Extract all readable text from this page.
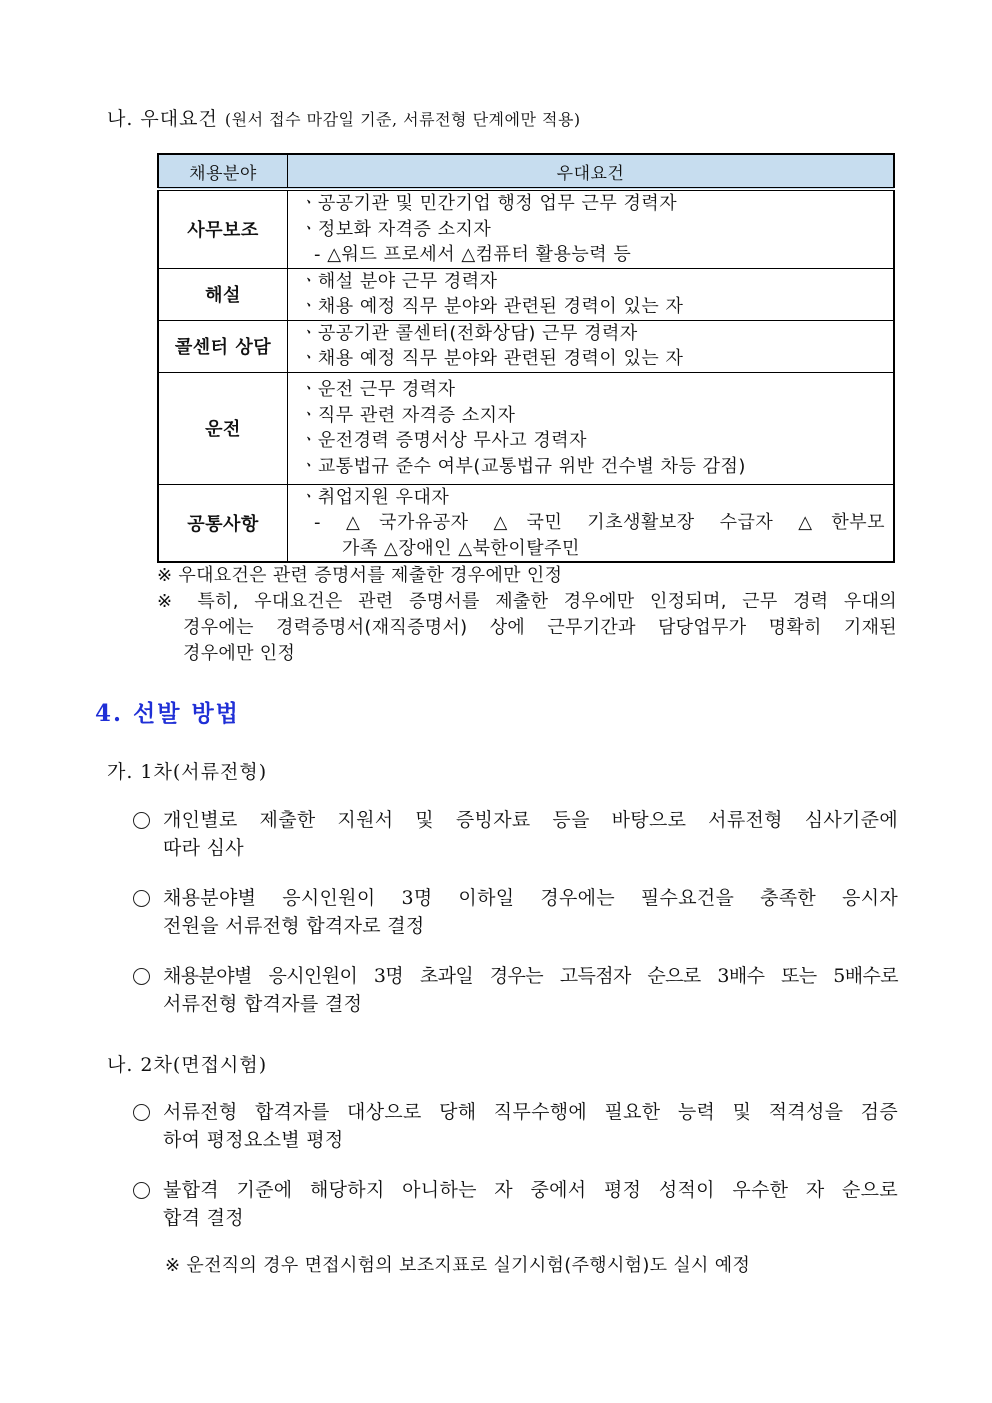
나. 우대요건 (원서 접수 마감일 기준, 서류전형 단계에만 적용)
채용분야	우대요건
사무보조	ㆍ공공기관 및 민간기업 행정 업무 근무 경력자
ㆍ정보화 자격증 소지자
- △워드 프로세서 △컴퓨터 활용능력 등

해설	ㆍ해설 분야 근무 경력자
ㆍ채용 예정 직무 분야와 관련된 경력이 있는 자

콜센터 상담	ㆍ공공기관 콜센터(전화상담) 근무 경력자
ㆍ채용 예정 직무 분야와 관련된 경력이 있는 자

운전	ㆍ운전 근무 경력자
ㆍ직무 관련 자격증 소지자
ㆍ운전경력 증명서상 무사고 경력자
ㆍ교통법규 준수 여부(교통법규 위반 건수별 차등 감점)

공통사항	ㆍ취업지원 우대자
- △국가유공자 △국민 기초생활보장 수급자 △한부모
가족 △장애인 △북한이탈주민
※ 우대요건은 관련 증명서를 제출한 경우에만 인정
※ 특히, 우대요건은 관련 증명서를 제출한 경우에만 인정되며, 근무 경력 우대의
경우에는 경력증명서(재직증명서) 상에 근무기간과 담당업무가 명확히 기재된
경우에만 인정
4. 선발 방법
가. 1차(서류전형)
개인별로 제출한 지원서 및 증빙자료 등을 바탕으로 서류전형 심사기준에
따라 심사
채용분야별 응시인원이 3명 이하일 경우에는 필수요건을 충족한 응시자
전원을 서류전형 합격자로 결정
채용분야별 응시인원이 3명 초과일 경우는 고득점자 순으로 3배수 또는 5배수로
서류전형 합격자를 결정
나. 2차(면접시험)
서류전형 합격자를 대상으로 당해 직무수행에 필요한 능력 및 적격성을 검증
하여 평정요소별 평정
불합격 기준에 해당하지 아니하는 자 중에서 평정 성적이 우수한 자 순으로
합격 결정
※ 운전직의 경우 면접시험의 보조지표로 실기시험(주행시험)도 실시 예정
